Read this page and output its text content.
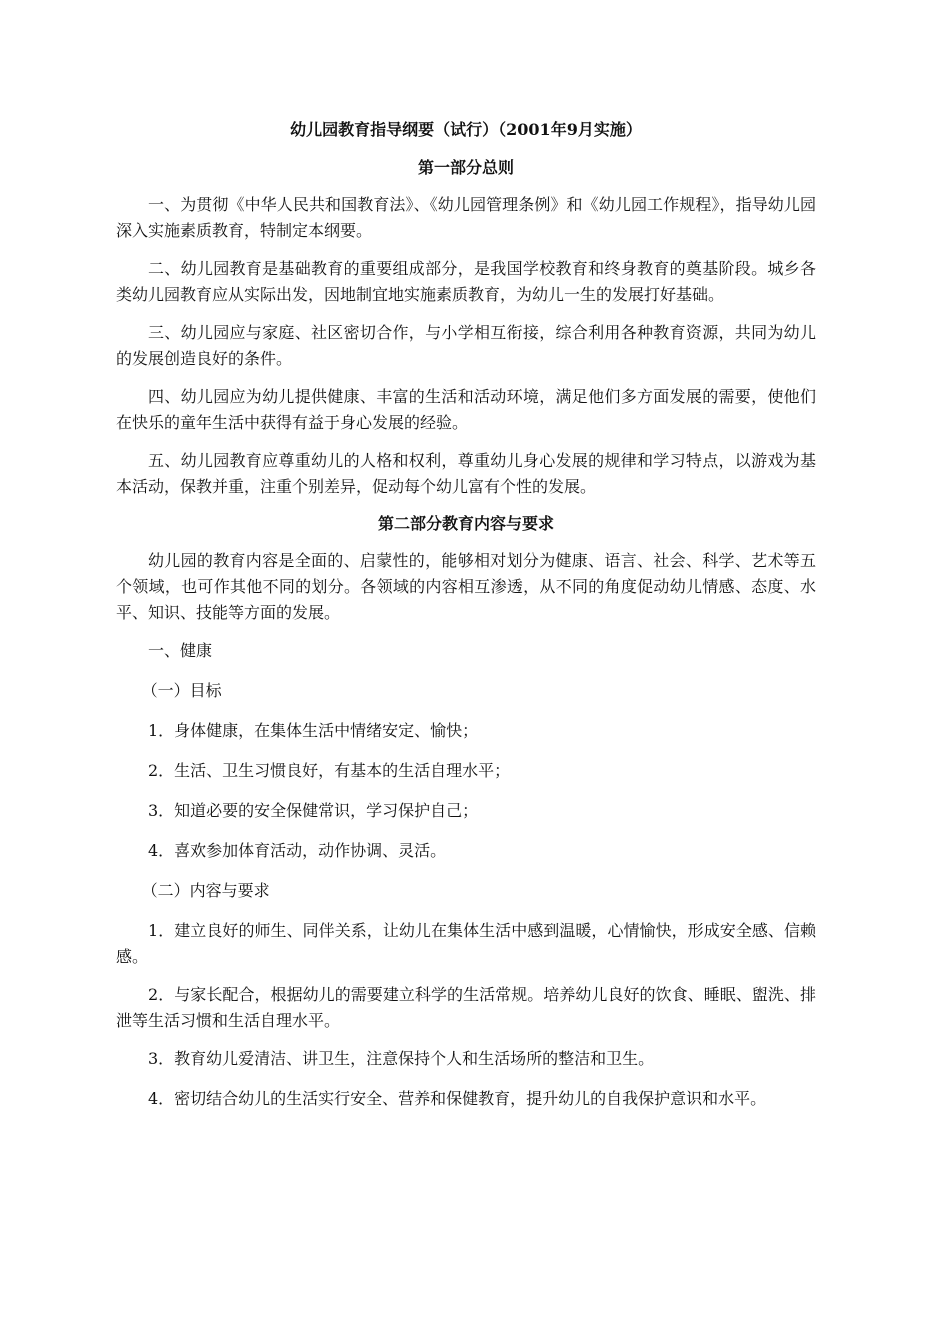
幼儿园教育指导纲要（试行）（2001年9月实施）
第一部分总则

一、为贯彻《中华人民共和国教育法》、《幼儿园管理条例》和《幼儿园工作规程》，指导幼儿园深入实施素质教育，特制定本纲要。

二、幼儿园教育是基础教育的重要组成部分，是我国学校教育和终身教育的奠基阶段。城乡各类幼儿园教育应从实际出发，因地制宜地实施素质教育，为幼儿一生的发展打好基础。

三、幼儿园应与家庭、社区密切合作，与小学相互衔接，综合利用各种教育资源，共同为幼儿的发展创造良好的条件。

四、幼儿园应为幼儿提供健康、丰富的生活和活动环境，满足他们多方面发展的需要，使他们在快乐的童年生活中获得有益于身心发展的经验。

五、幼儿园教育应尊重幼儿的人格和权利，尊重幼儿身心发展的规律和学习特点，以游戏为基本活动，保教并重，注重个别差异，促动每个幼儿富有个性的发展。

第二部分教育内容与要求

幼儿园的教育内容是全面的、启蒙性的，能够相对划分为健康、语言、社会、科学、艺术等五个领域，也可作其他不同的划分。各领域的内容相互渗透，从不同的角度促动幼儿情感、态度、水平、知识、技能等方面的发展。

一、健康

（一）目标

1．身体健康，在集体生活中情绪安定、愉快；

2．生活、卫生习惯良好，有基本的生活自理水平；

3．知道必要的安全保健常识，学习保护自己；

4．喜欢参加体育活动，动作协调、灵活。

（二）内容与要求

1．建立良好的师生、同伴关系，让幼儿在集体生活中感到温暖，心情愉快，形成安全感、信赖感。

2．与家长配合，根据幼儿的需要建立科学的生活常规。培养幼儿良好的饮食、睡眠、盥洗、排泄等生活习惯和生活自理水平。

3．教育幼儿爱清洁、讲卫生，注意保持个人和生活场所的整洁和卫生。

4．密切结合幼儿的生活实行安全、营养和保健教育，提升幼儿的自我保护意识和水平。
